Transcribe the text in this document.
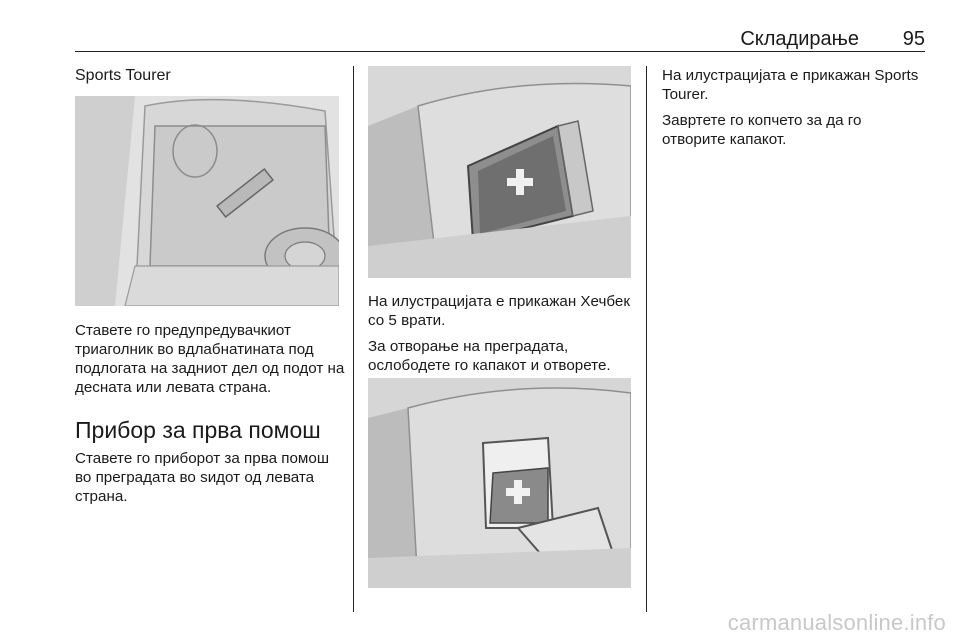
Складирање 95

Sports Tourer

Ставете го предупредувачкиот триаголник во вдлабнатината под подлогата на задниот дел од подот на десната или левата страна.

Прибор за прва помош

Ставете го приборот за прва помош во преградата во ѕидот од левата страна.

На илустрацијата е прикажан Хечбек со 5 врати.

За отворање на преградата, ослободете го капакот и отворете.

На илустрацијата е прикажан Sports Tourer.

Завртете го копчето за да го отворите капакот.

carmanualsonline.info
